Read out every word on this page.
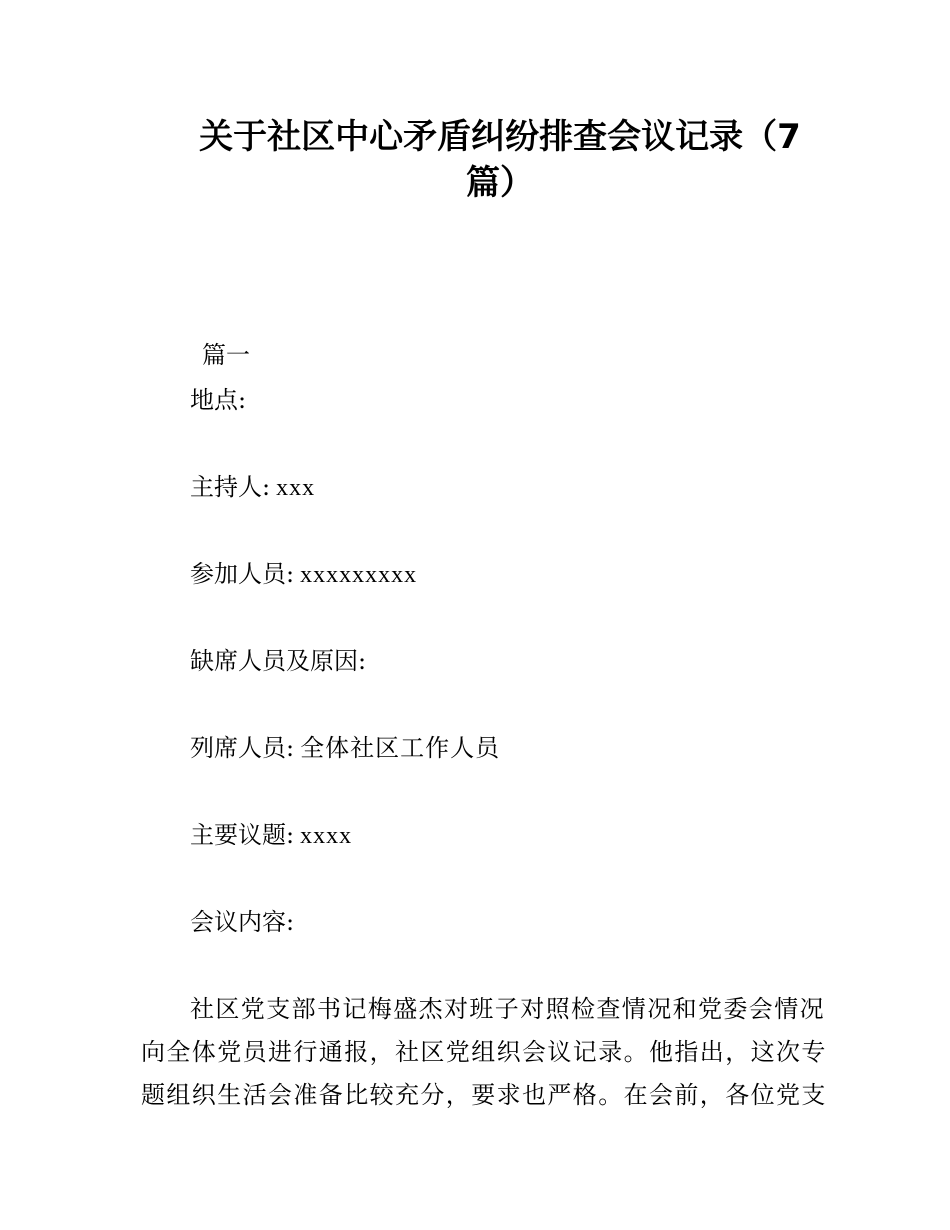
关于社区中心矛盾纠纷排查会议记录（7
篇）

篇一

地点:

主持人: xxx

参加人员: xxxxxxxxx

缺席人员及原因:

列席人员: 全体社区工作人员

主要议题: xxxx

会议内容:

社区党支部书记梅盛杰对班子对照检查情况和党委会情况
向全体党员进行通报，社区党组织会议记录。他指出，这次专
题组织生活会准备比较充分，要求也严格。在会前，各位党支
